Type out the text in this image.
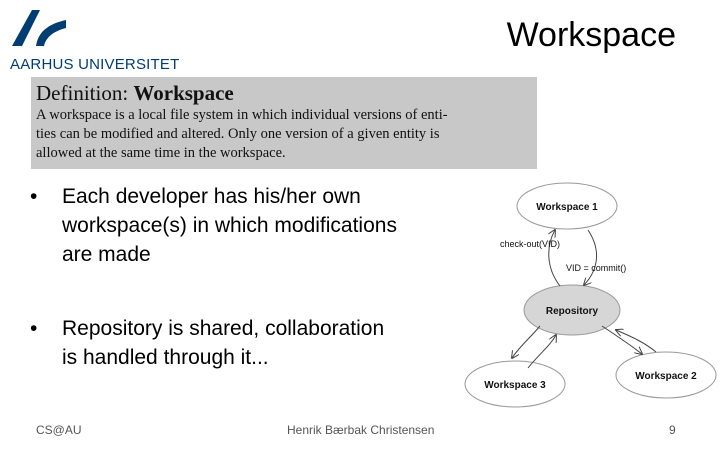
AARHUS UNIVERSITET
Workspace
Definition: Workspace
A workspace is a local file system in which individual versions of enti-
ties can be modified and altered. Only one version of a given entity is
allowed at the same time in the workspace.
• Each developer has his/her own
workspace(s) in which modifications
are made
• Repository is shared, collaboration
is handled through it...
Workspace 1
Repository
Workspace 2
Workspace 3
check-out(VID)
VID = commit()
CS@AU	Henrik Bærbak Christensen	9
